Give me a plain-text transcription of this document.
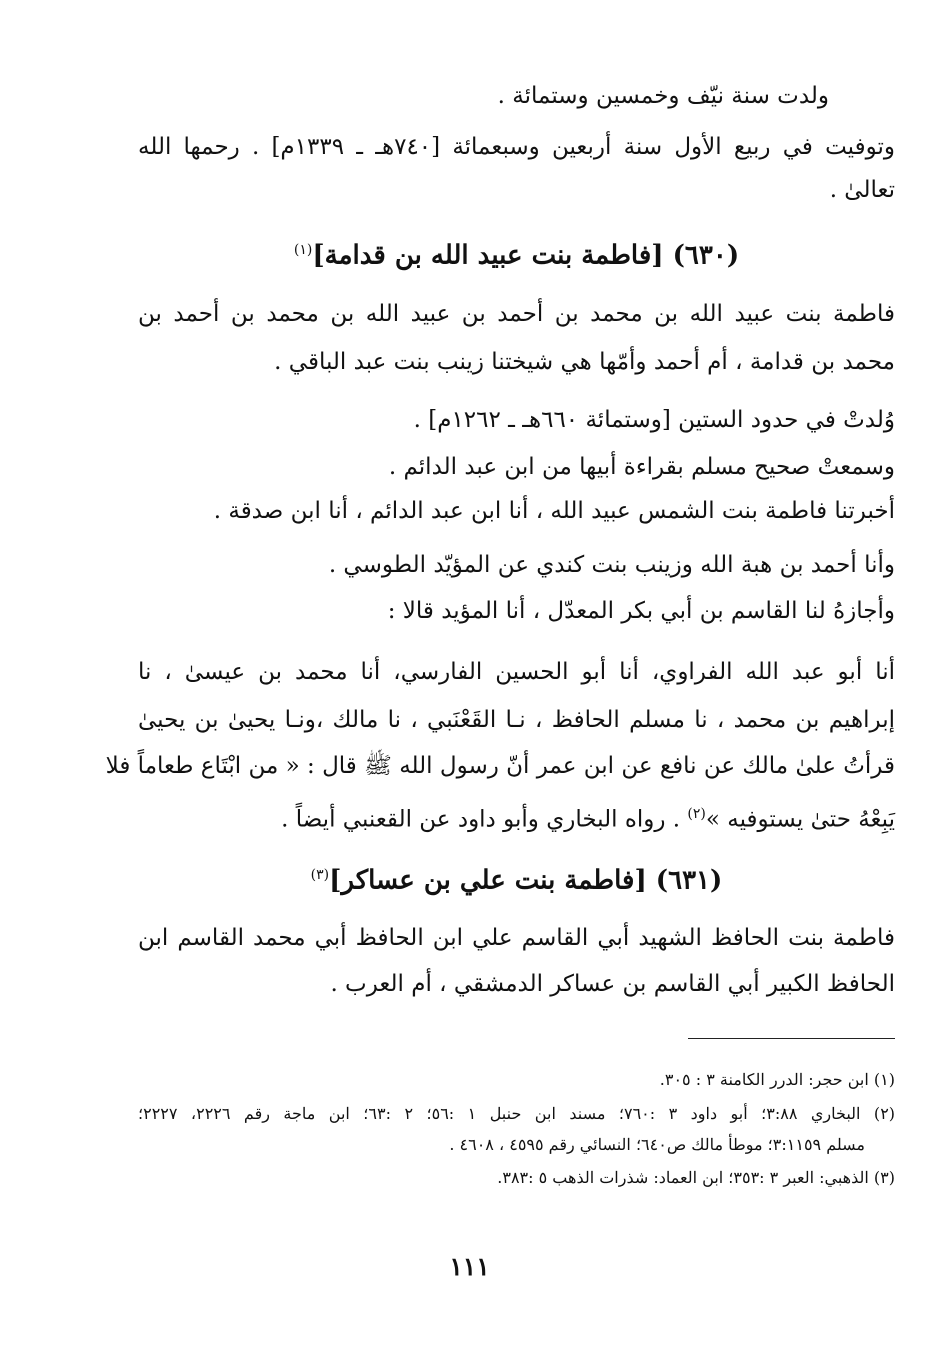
ولدت سنة نيّف وخمسين وستمائة .
وتوفيت في ربيع الأول سنة أربعين وسبعمائة [٧٤٠هـ ـ ١٣٣٩م] . رحمها الله
تعالىٰ .
(٦٣٠) [فاطمة بنت عبيد الله بن قدامة]$^{(١)}$
فاطمة بنت عبيد الله بن محمد بن أحمد بن عبيد الله بن محمد بن أحمد بن
محمد بن قدامة ، أم أحمد وأمّها هي شيختنا زينب بنت عبد الباقي .
وُلدتْ في حدود الستين [وستمائة ٦٦٠هـ ـ ١٢٦٢م] .
وسمعتْ صحيح مسلم بقراءة أبيها من ابن عبد الدائم .
أخبرتنا فاطمة بنت الشمس عبيد الله ، أنا ابن عبد الدائم ، أنا ابن صدقة .
وأنا أحمد بن هبة الله وزينب بنت كندي عن المؤيّد الطوسي .
وأجازهُ لنا القاسم بن أبي بكر المعدّل ، أنا المؤيد قالا :
أنا أبو عبد الله الفراوي، أنا أبو الحسين الفارسي، أنا محمد بن عيسىٰ ، نا
إبراهيم بن محمد ، نا مسلم الحافظ ، نـا القَعْنَبي ، نا مالك ،ونـا يحيىٰ بن يحيىٰ
قرأتُ علىٰ مالك عن نافع عن ابن عمر أنّ رسول الله ﷺ قال : « من ابْتَاع طعاماً فلا
يَبِعْهُ حتىٰ يستوفيه »$^{(٢)}$ . رواه البخاري وأبو داود عن القعنبي أيضاً .
(٦٣١) [فاطمة بنت علي بن عساكر]$^{(٣)}$
فاطمة بنت الحافظ الشهيد أبي القاسم علي ابن الحافظ أبي محمد القاسم ابن
الحافظ الكبير أبي القاسم بن عساكر الدمشقي ، أم العرب .
(١) ابن حجر: الدرر الكامنة ٣ : ٣٠٥.
(٢) البخاري ٣:٨٨؛ أبو داود ٣ :٧٦٠؛ مسند ابن حنبل ١ :٥٦؛ ٢ :٦٣؛ ابن ماجة رقم ٢٢٢٦، ٢٢٢٧؛
مسلم ٣:١١٥٩؛ موطأ مالك ص٦٤٠؛ النسائي رقم ٤٥٩٥ ، ٤٦٠٨ .
(٣) الذهبي: العبر ٣ :٣٥٣؛ ابن العماد: شذرات الذهب ٥ :٣٨٣.
١١١
